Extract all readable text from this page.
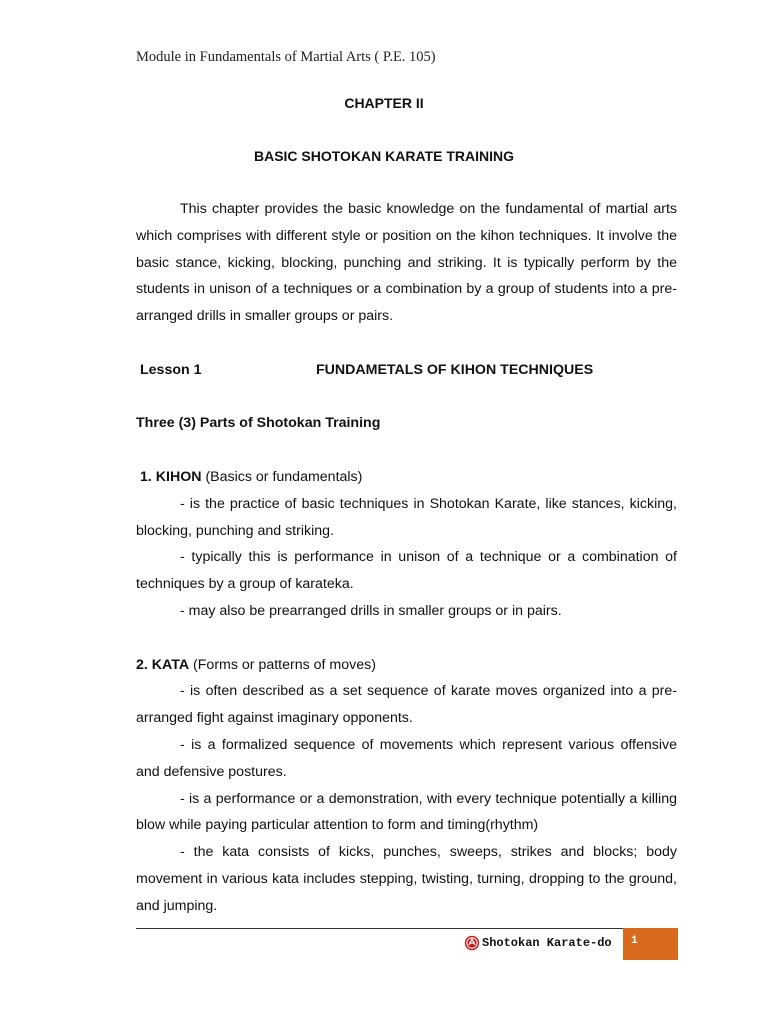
Module in Fundamentals of Martial Arts ( P.E. 105)
CHAPTER II
BASIC SHOTOKAN KARATE TRAINING
This chapter provides the basic knowledge on the fundamental of martial arts which comprises with different style or position on the kihon techniques. It involve the basic stance, kicking, blocking, punching and striking. It is typically perform by the students in unison of a techniques or a combination by a group of students into a pre-arranged drills in smaller groups or pairs.
Lesson 1	FUNDAMETALS OF KIHON TECHNIQUES
Three (3) Parts of Shotokan Training
1. KIHON (Basics or fundamentals)
- is the practice of basic techniques in Shotokan Karate, like stances, kicking, blocking, punching and striking.
- typically this is performance in unison of a technique or a combination of techniques by a group of karateka.
- may also be prearranged drills in smaller groups or in pairs.
2. KATA (Forms or patterns of moves)
- is often described as a set sequence of karate moves organized into a pre-arranged fight against imaginary opponents.
- is a formalized sequence of movements which represent various offensive and defensive postures.
- is a performance or a demonstration, with every technique potentially a killing blow while paying particular attention to form and timing(rhythm)
- the kata consists of kicks, punches, sweeps, strikes and blocks; body movement in various kata includes stepping, twisting, turning, dropping to the ground, and jumping.
Shotokan Karate-do 1
